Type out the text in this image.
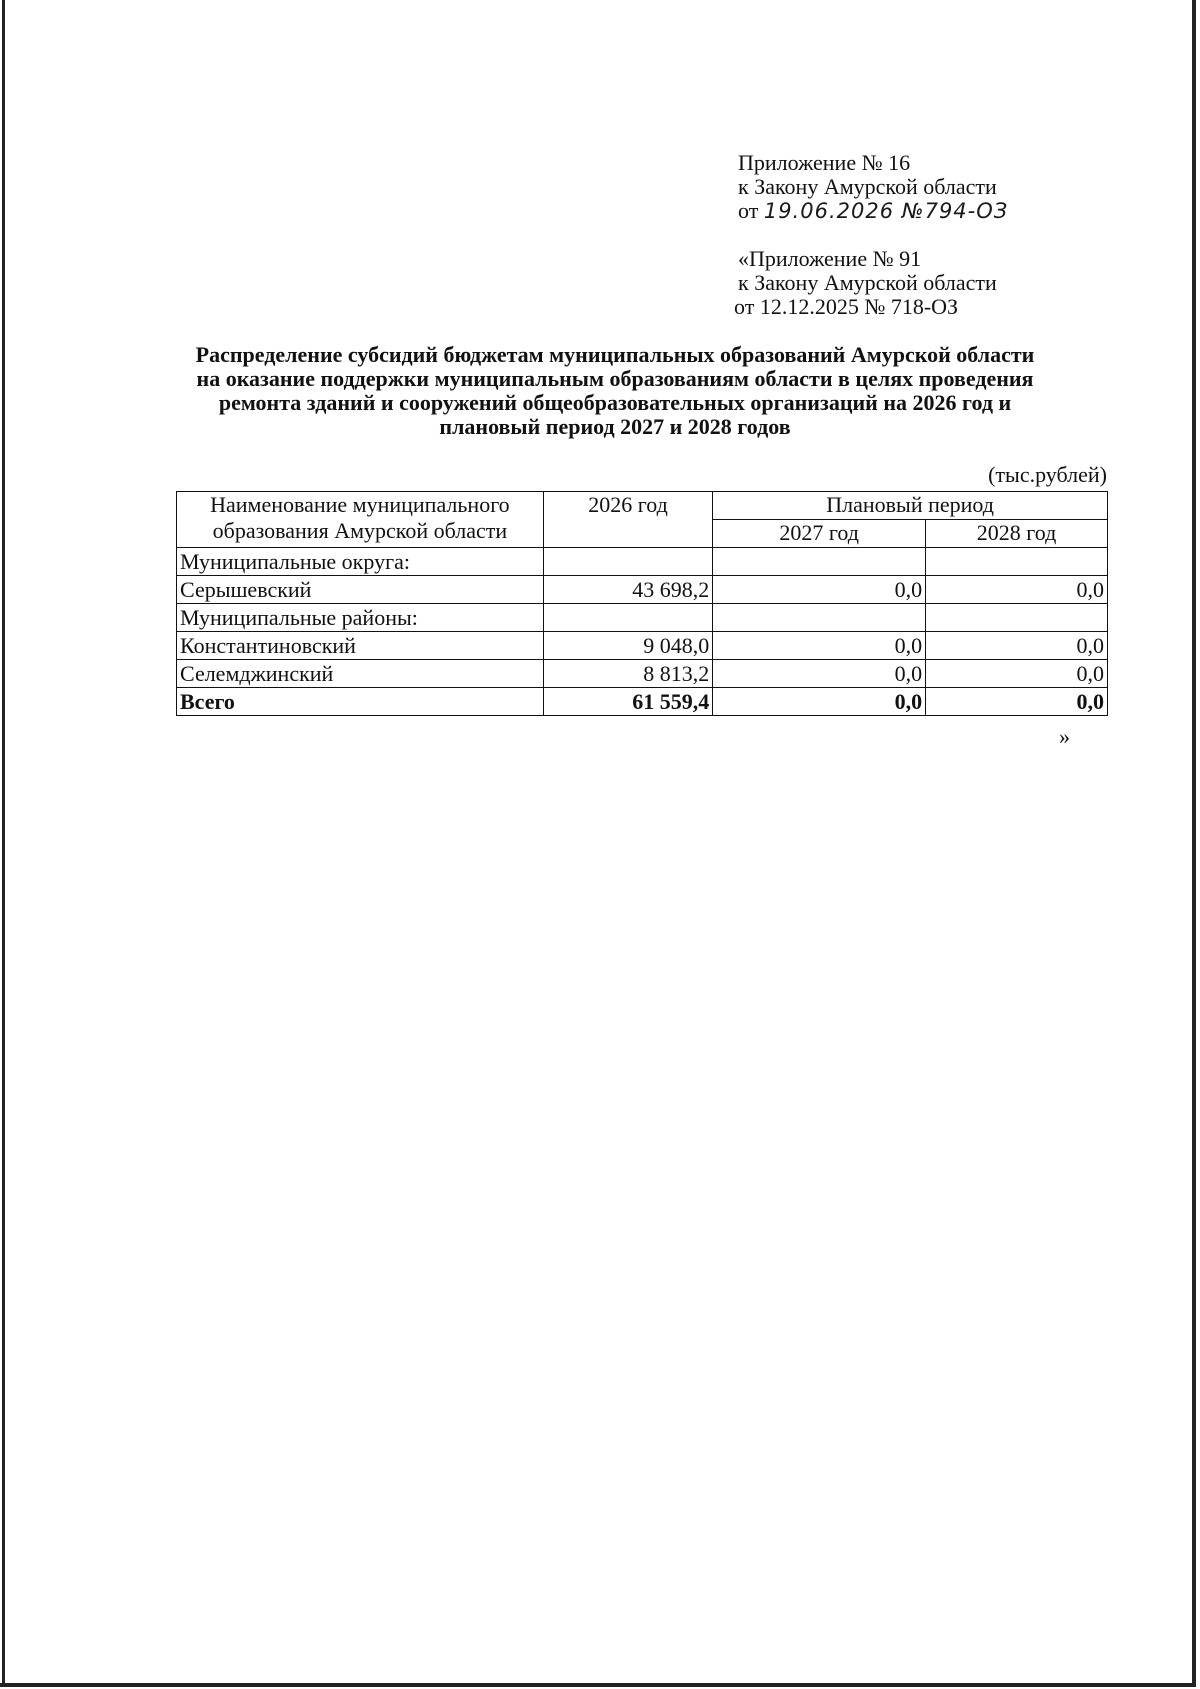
Приложение № 16
к Закону Амурской области
от 19.06.2026 №794-ОЗ
«Приложение № 91
к Закону Амурской области
от 12.12.2025 № 718-ОЗ
Распределение субсидий бюджетам муниципальных образований Амурской области
на оказание поддержки муниципальным образованиям области в целях проведения
ремонта зданий и сооружений общеобразовательных организаций на 2026 год и
плановый период 2027 и 2028 годов
(тыс.рублей)
Наименование муниципального
образования Амурской области	2026 год	Плановый период	
		2027 год	2028 год
Муниципальные округа:			
Серышевский	43 698,2	0,0	0,0
Муниципальные районы:			
Константиновский	9 048,0	0,0	0,0
Селемджинский	8 813,2	0,0	0,0
Всего	61 559,4	0,0	0,0
»
